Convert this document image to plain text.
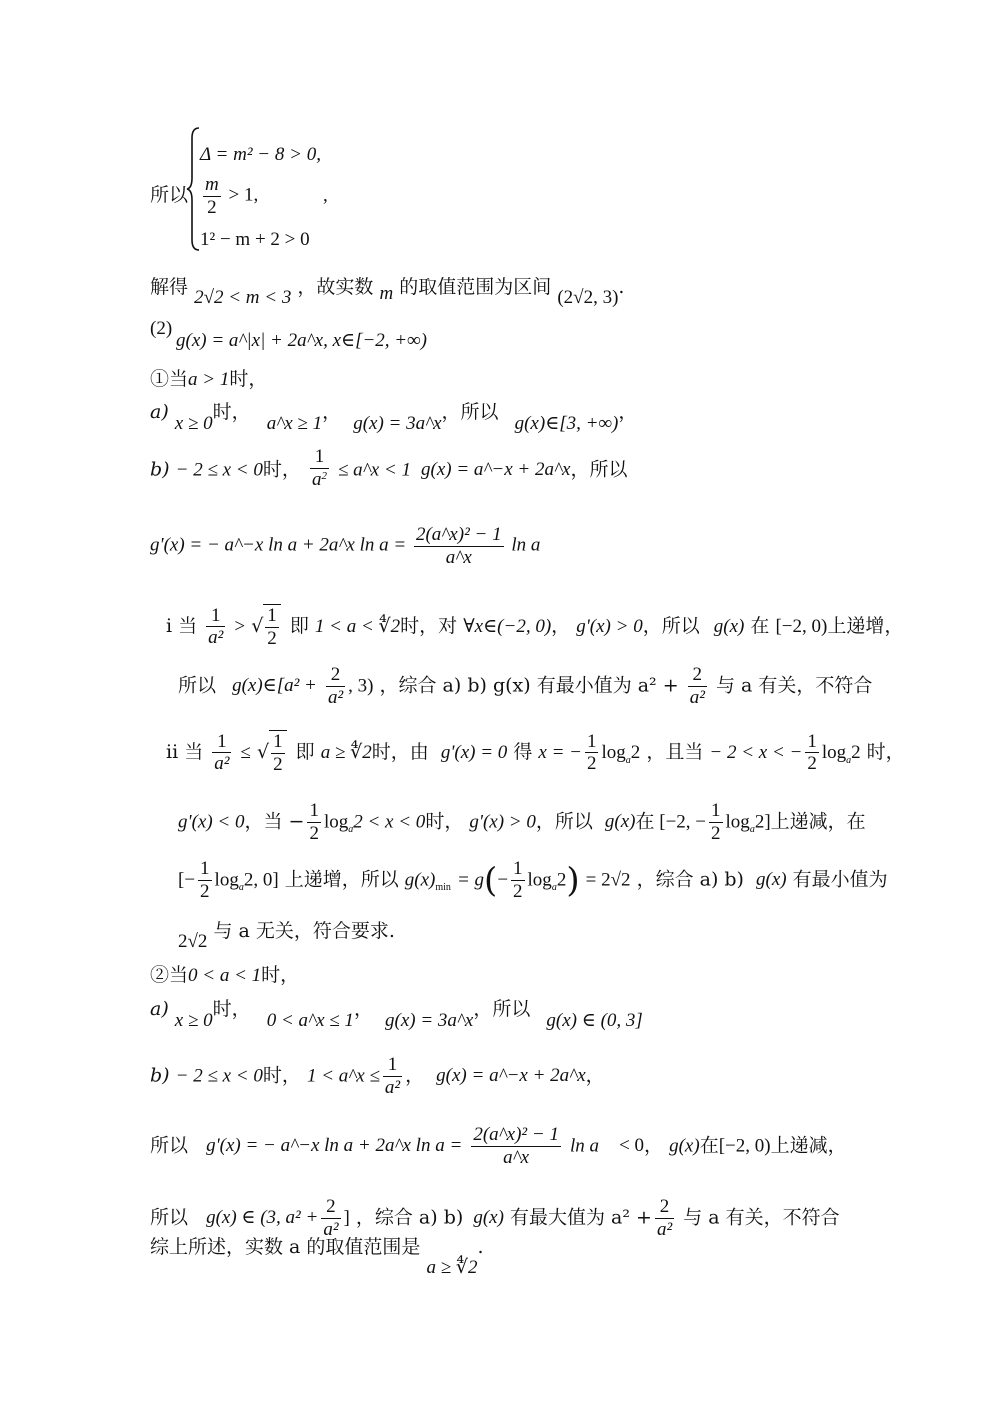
所以
Δ = m² − 8 > 0,
$\frac{m}{2} > 1$,
1² − m + 2 > 0
,
解得 2√2 < m < 3 ，故实数 m 的取值范围为区间 (2√2, 3).
(2)
g(x) = a^|x| + 2a^x, x∈[−2, +∞)
①当a > 1时，
a) x ≥ 0时， a^x ≥ 1， g(x) = 3a^x，所以 g(x)∈[3, +∞)，
b) − 2 ≤ x < 0时， $\frac{1}{a^2}$ ≤ a^x < 1 g(x) = a^−x + 2a^x，所以
g'(x) = − a^−x ln a + 2a^x $\ln a = \frac{\text{2(a\textasciicircum{}x)² − 1}}{a\^{}x}$ ln a
i 当 $\frac{1}{\text{a²}}$ > √ $\frac{1}{2}$ 即 1 < a < ∜2时，对 ∀x∈(−2, 0)， g'(x) > 0，所以 g(x) 在 [−2, 0)上递增，
所以 g(x)∈[a² + $\frac{2}{\text{a²}}$ , 3) ，综合 a) b) g(x) 有最小值为 $a^2 + \frac{2}{\text{a²}}$ 与 a 有关，不符合
ii 当 $\frac{1}{\text{a²}}$ ≤ √ $\frac{1}{2}$ 即 a ≥ ∜2时，由 g'(x) = 0 得 x = − $\frac{1}{2} \log_a2$ ，且当 − 2 < x < − $\frac{1}{2} \log_a2$ 时，
g'(x) < 0，当 − $\frac{1}{2} \log_a2 < x < 0$时， g'(x) > 0，所以 g(x)在 [−2, − $\frac{1}{2} \log_a2$]上递减，在
[− $\frac{1}{2} \log_a2$, 0] 上递增，所以 $g(x)_{min} = g(- \frac{1}{2} \log_a2) = 2√2$ ，综合 a) b) g(x) 有最小值为
2√2 与 a 无关，符合要求.
②当0 < a < 1时，
a) x ≥ 0时， 0 < a^x ≤ 1， g(x) = 3a^x，所以 g(x) ∈ (0, 3]
b) − 2 ≤ x < 0时， 1 < a^x ≤ $\frac{1}{\text{a²}}$ ， g(x) = a^−x + 2a^x，
所以 g'(x) = − a^−x ln a + 2a^x $\ln a = \frac{\text{2(a\textasciicircum{}x)² − 1}}{a\^{}x}$ ln a < 0， g(x)在[−2, 0)上递减，
所以 g(x) ∈ (3, $a^2 + \frac{2}{\text{a²}}$ ] ，综合 a) b) g(x) 有最大值为 $a^2 + \frac{2}{\text{a²}}$ 与 a 有关，不符合
综上所述，实数 a 的取值范围是 a ≥ ∜2.
